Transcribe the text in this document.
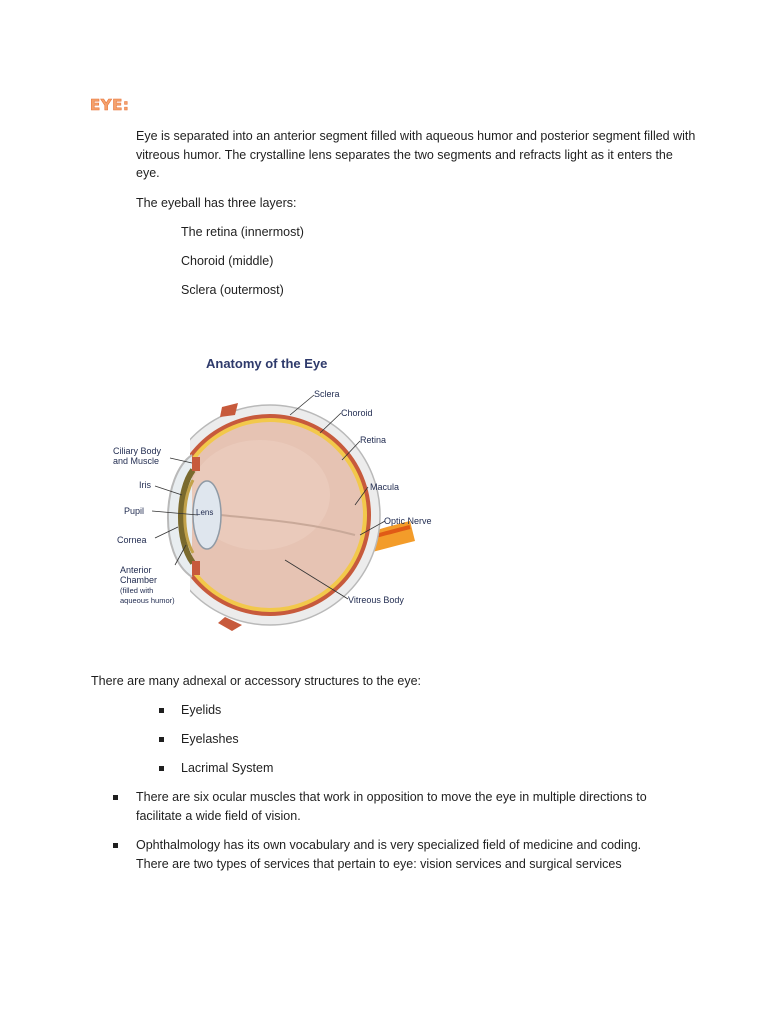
EYE:

Eye is separated into an anterior segment filled with aqueous humor and posterior segment filled with vitreous humor. The crystalline lens separates the two segments and refracts light as it enters the eye.

The eyeball has three layers:
The retina (innermost)
Choroid (middle)
Sclera (outermost)
Anatomy of the Eye
Sclera
Choroid
Retina
Ciliary Body
and Muscle
Iris
Pupil	Lens
Macula
Optic Nerve
Cornea
Anterior
Chamber
(filled with
aqueous humor)	Vitreous Body
There are many adnexal or accessory structures to the eye:
Eyelids
Eyelashes
Lacrimal System
There are six ocular muscles that work in opposition to move the eye in multiple directions to
facilitate a wide field of vision.
Ophthalmology has its own vocabulary and is very specialized field of medicine and coding.
There are two types of services that pertain to eye: vision services and surgical services
